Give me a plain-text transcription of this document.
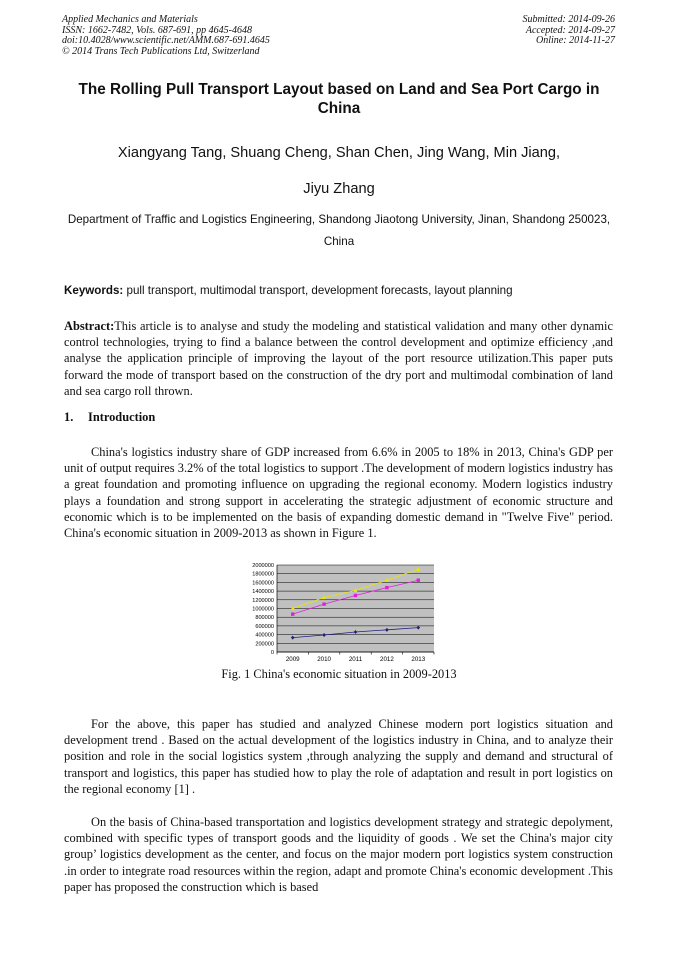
Applied Mechanics and Materials
ISSN: 1662-7482, Vols. 687-691, pp 4645-4648
doi:10.4028/www.scientific.net/AMM.687-691.4645
© 2014 Trans Tech Publications Ltd, Switzerland
Submitted: 2014-09-26
Accepted: 2014-09-27
Online: 2014-11-27
The Rolling Pull Transport Layout based on Land and Sea Port Cargo in China
Xiangyang Tang, Shuang Cheng, Shan Chen, Jing Wang, Min Jiang,
Jiyu Zhang
Department of Traffic and Logistics Engineering, Shandong Jiaotong University, Jinan, Shandong 250023, China
Keywords: pull transport, multimodal transport, development forecasts, layout planning
Abstract:This article is to analyse and study the modeling and statistical validation and many other dynamic control technologies, trying to find a balance between the control development and optimize efficiency ,and analyse the application principle of improving the layout of the port resource utilization.This paper puts forward the mode of transport based on the construction of the dry port and multimodal combination of land and sea cargo roll thrown.
1. Introduction
China's logistics industry share of GDP increased from 6.6% in 2005 to 18% in 2013, China's GDP per unit of output requires 3.2% of the total logistics to support .The development of modern logistics industry has a great foundation and promoting influence on upgrading the regional economy. Modern logistics industry plays a foundation and strong support in accelerating the strategic adjustment of economic structure and economic which is to be implemented on the basis of expanding domestic demand in "Twelve Five" period. China's economic situation in 2009-2013 as shown in Figure 1.
0
200000
400000
600000
800000
1000000
1200000
1400000
1600000
1800000
2000000
2009	2010	2011	2012	2013
Fig. 1 China's economic situation in 2009-2013
For the above, this paper has studied and analyzed Chinese modern port logistics situation and development trend . Based on the actual development of the logistics industry in China, and to analyze their position and role in the social logistics system ,through analyzing the supply and demand and structural of transport and logistics, this paper has studied how to play the role of adaptation and result in port logistics on the regional economy [1] .
On the basis of China-based transportation and logistics development strategy and strategic depolyment, combined with specific types of transport goods and the liquidity of goods . We set the China's major city group’ logistics development as the center, and focus on the major modern port logistics system construction .in order to integrate road resources within the region, adapt and promote China's economic development .This paper has proposed the construction which is based
